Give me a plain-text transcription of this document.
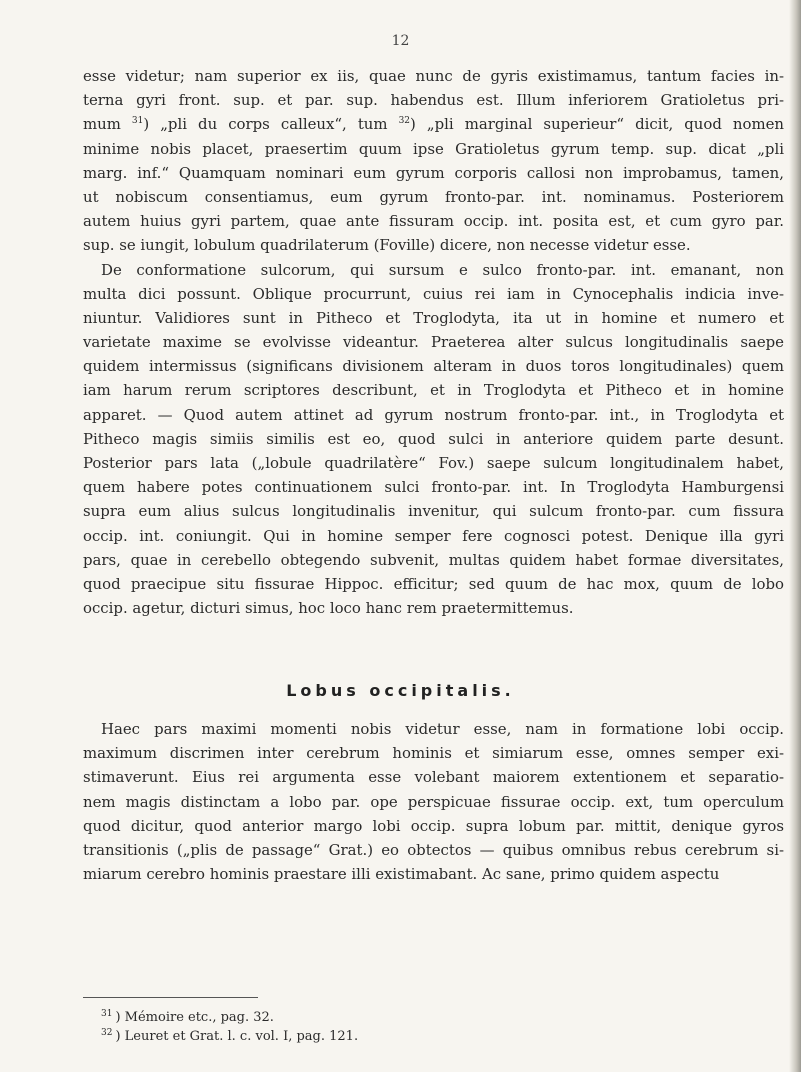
12
esse videtur; nam superior ex iis, quae nunc de gyris existimamus, tantum facies in-
terna gyri front. sup. et par. sup. habendus est. Illum inferiorem Gratioletus pri-
mum $^{31}$) „pli du corps calleux“, tum $^{32}$) „pli marginal superieur“ dicit, quod nomen
minime nobis placet, praesertim quum ipse Gratioletus gyrum temp. sup. dicat „pli
marg. inf.“ Quamquam nominari eum gyrum corporis callosi non improbamus, tamen,
ut nobiscum consentiamus, eum gyrum fronto-par. int. nominamus. Posteriorem
autem huius gyri partem, quae ante fissuram occip. int. posita est, et cum gyro par.
sup. se iungit, lobulum quadrilaterum (Foville) dicere, non necesse videtur esse.
De conformatione sulcorum, qui sursum e sulco fronto-par. int. emanant, non
multa dici possunt. Oblique procurrunt, cuius rei iam in Cynocephalis indicia inve-
niuntur. Validiores sunt in Pitheco et Troglodyta, ita ut in homine et numero et
varietate maxime se evolvisse videantur. Praeterea alter sulcus longitudinalis saepe
quidem intermissus (significans divisionem alteram in duos toros longitudinales) quem
iam harum rerum scriptores describunt, et in Troglodyta et Pitheco et in homine
apparet. — Quod autem attinet ad gyrum nostrum fronto-par. int., in Troglodyta et
Pitheco magis simiis similis est eo, quod sulci in anteriore quidem parte desunt.
Posterior pars lata („lobule quadrilatère“ Fov.) saepe sulcum longitudinalem habet,
quem habere potes continuationem sulci fronto-par. int. In Troglodyta Hamburgensi
supra eum alius sulcus longitudinalis invenitur, qui sulcum fronto-par. cum fissura
occip. int. coniungit. Qui in homine semper fere cognosci potest. Denique illa gyri
pars, quae in cerebello obtegendo subvenit, multas quidem habet formae diversitates,
quod praecipue situ fissurae Hippoc. efficitur; sed quum de hac mox, quum de lobo
occip. agetur, dicturi simus, hoc loco hanc rem praetermittemus.
Lobus occipitalis.
Haec pars maximi momenti nobis videtur esse, nam in formatione lobi occip.
maximum discrimen inter cerebrum hominis et simiarum esse, omnes semper exi-
stimaverunt. Eius rei argumenta esse volebant maiorem extentionem et separatio-
nem magis distinctam a lobo par. ope perspicuae fissurae occip. ext, tum operculum
quod dicitur, quod anterior margo lobi occip. supra lobum par. mittit, denique gyros
transitionis („plis de passage“ Grat.) eo obtectos — quibus omnibus rebus cerebrum si-
miarum cerebro hominis praestare illi existimabant. Ac sane, primo quidem aspectu
$^{31}$ ) Mémoire etc., pag. 32.
$^{32}$ ) Leuret et Grat. l. c. vol. I, pag. 121.
